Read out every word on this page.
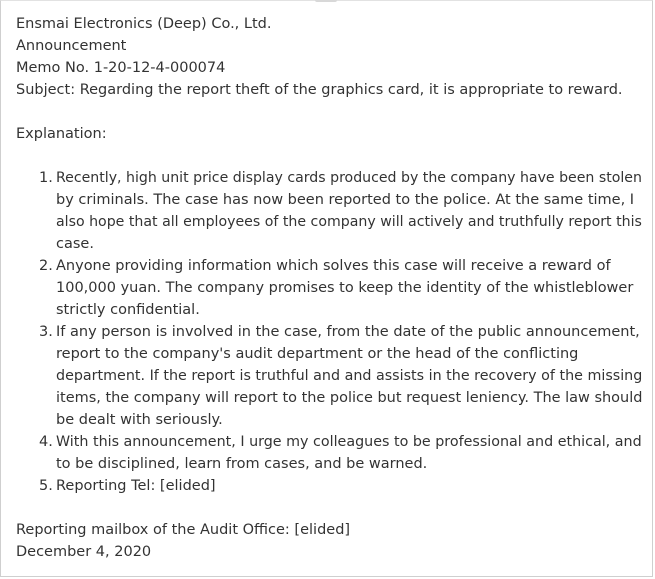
Ensmai Electronics (Deep) Co., Ltd.
Announcement
Memo No. 1-20-12-4-000074
Subject: Regarding the report theft of the graphics card, it is appropriate to reward.
Explanation:
1. Recently, high unit price display cards produced by the company have been stolen
by criminals. The case has now been reported to the police. At the same time, I
also hope that all employees of the company will actively and truthfully report this
case.
2. Anyone providing information which solves this case will receive a reward of
100,000 yuan. The company promises to keep the identity of the whistleblower
strictly confidential.
3. If any person is involved in the case, from the date of the public announcement,
report to the company's audit department or the head of the conflicting
department. If the report is truthful and and assists in the recovery of the missing
items, the company will report to the police but request leniency. The law should
be dealt with seriously.
4. With this announcement, I urge my colleagues to be professional and ethical, and
to be disciplined, learn from cases, and be warned.
5. Reporting Tel: [elided]
Reporting mailbox of the Audit Office: [elided]
December 4, 2020
